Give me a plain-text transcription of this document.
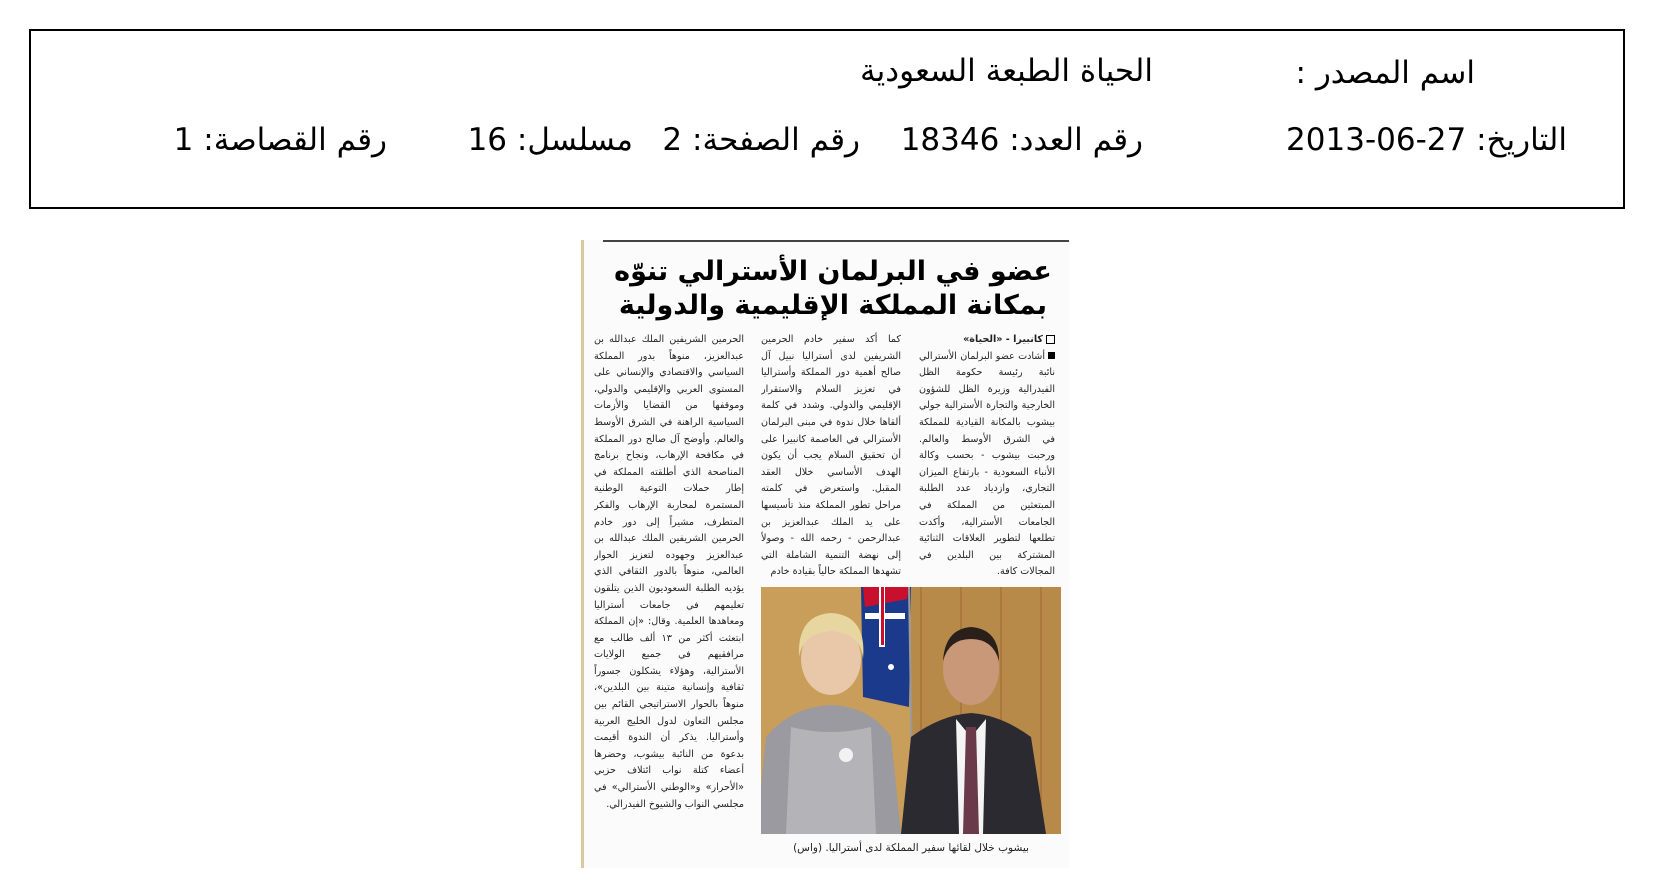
اسم المصدر :
الحياة الطبعة السعودية
التاريخ: 2013-06-27
رقم العدد: 18346
رقم الصفحة: 2
مسلسل: 16
رقم القصاصة: 1
عضو في البرلمان الأسترالي تنوّه
بمكانة المملكة الإقليمية والدولية

كانبيرا - «الحياة»

أشادت عضو البرلمان الأسترالي نائبة رئيسة حكومة الظل الفيدرالية وزيرة الظل للشؤون الخارجية والتجارة الأسترالية جولي بيشوب بالمكانة القيادية للمملكة في الشرق الأوسط والعالم. ورحبت بيشوب - بحسب وكالة الأنباء السعودية - بارتفاع الميزان التجاري، وازدياد عدد الطلبة المبتعثين من المملكة في الجامعات الأسترالية، وأكدت تطلعها لتطوير العلاقات الثنائية المشتركة بين البلدين في المجالات كافة.

كما أكد سفير خادم الحرمين الشريفين لدى أستراليا نبيل آل صالح أهمية دور المملكة وأستراليا في تعزيز السلام والاستقرار الإقليمي والدولي. وشدد في كلمة ألقاها خلال ندوة في مبنى البرلمان الأسترالي في العاصمة كانبيرا على أن تحقيق السلام يجب أن يكون الهدف الأساسي خلال العقد المقبل. واستعرض في كلمته مراحل تطور المملكة منذ تأسيسها على يد الملك عبدالعزيز بن عبدالرحمن - رحمه الله - وصولاً إلى نهضة التنمية الشاملة التي تشهدها المملكة حالياً بقيادة خادم

الحرمين الشريفين الملك عبدالله بن عبدالعزيز، منوهاً بدور المملكة السياسي والاقتصادي والإنساني على المستوى العربي والإقليمي والدولي، وموقفها من القضايا والأزمات السياسية الراهنة في الشرق الأوسط والعالم. وأوضح آل صالح دور المملكة في مكافحة الإرهاب، ونجاح برنامج المناصحة الذي أطلقته المملكة في إطار حملات التوعية الوطنية المستمرة لمحاربة الإرهاب والفكر المتطرف، مشيراً إلى دور خادم الحرمين الشريفين الملك عبدالله بن عبدالعزيز وجهوده لتعزيز الحوار العالمي، منوهاً بالدور الثقافي الذي يؤديه الطلبة السعوديون الذين يتلقون تعليمهم في جامعات أستراليا ومعاهدها العلمية. وقال: «إن المملكة ابتعثت أكثر من ١٣ ألف طالب مع مرافقيهم في جميع الولايات الأسترالية، وهؤلاء يشكلون جسوراً ثقافية وإنسانية متينة بين البلدين»، منوهاً بالحوار الاستراتيجي القائم بين مجلس التعاون لدول الخليج العربية وأستراليا. يذكر أن الندوة أقيمت بدعوة من النائبة بيشوب، وحضرها أعضاء كتلة نواب ائتلاف حزبي «الأحرار» و«الوطني الأسترالي» في مجلسي النواب والشيوخ الفيدرالي.

بيشوب خلال لقائها سفير المملكة لدى أستراليا. (واس)
